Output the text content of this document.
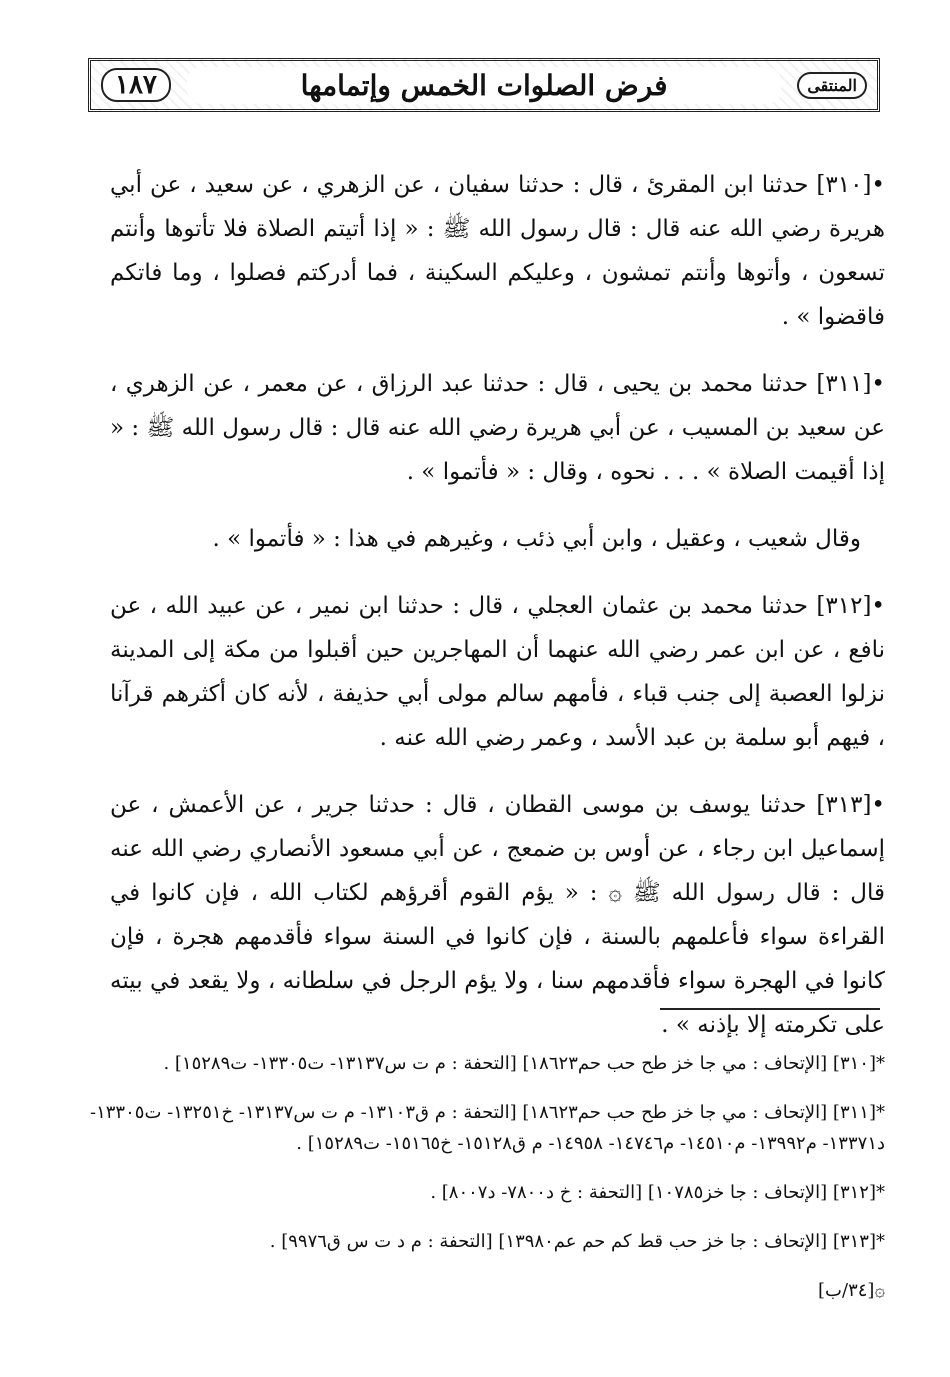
١٨٧	فرض الصلوات الخمس وإتمامها	المنتقى

•[٣١٠] حدثنا ابن المقرئ ، قال : حدثنا سفيان ، عن الزهري ، عن سعيد ، عن أبي هريرة رضي الله عنه قال : قال رسول الله ﷺ : « إذا أتيتم الصلاة فلا تأتوها وأنتم تسعون ، وأتوها وأنتم تمشون ، وعليكم السكينة ، فما أدركتم فصلوا ، وما فاتكم فاقضوا » .

•[٣١١] حدثنا محمد بن يحيى ، قال : حدثنا عبد الرزاق ، عن معمر ، عن الزهري ، عن سعيد بن المسيب ، عن أبي هريرة رضي الله عنه قال : قال رسول الله ﷺ : « إذا أقيمت الصلاة » . . . نحوه ، وقال : « فأتموا » .

وقال شعيب ، وعقيل ، وابن أبي ذئب ، وغيرهم في هذا : « فأتموا » .

•[٣١٢] حدثنا محمد بن عثمان العجلي ، قال : حدثنا ابن نمير ، عن عبيد الله ، عن نافع ، عن ابن عمر رضي الله عنهما أن المهاجرين حين أقبلوا من مكة إلى المدينة نزلوا العصبة إلى جنب قباء ، فأمهم سالم مولى أبي حذيفة ، لأنه كان أكثرهم قرآنا ، فيهم أبو سلمة بن عبد الأسد ، وعمر رضي الله عنه .

•[٣١٣] حدثنا يوسف بن موسى القطان ، قال : حدثنا جرير ، عن الأعمش ، عن إسماعيل ابن رجاء ، عن أوس بن ضمعج ، عن أبي مسعود الأنصاري رضي الله عنه قال : قال رسول الله ﷺ ۞ : « يؤم القوم أقرؤهم لكتاب الله ، فإن كانوا في القراءة سواء فأعلمهم بالسنة ، فإن كانوا في السنة سواء فأقدمهم هجرة ، فإن كانوا في الهجرة سواء فأقدمهم سنا ، ولا يؤم الرجل في سلطانه ، ولا يقعد في بيته على تكرمته إلا بإذنه » .

*[٣١٠] [الإتحاف : مي جا خز طح حب حم١٨٦٢٣] [التحفة : م ت س١٣١٣٧- ت١٣٣٠٥- ت١٥٢٨٩] .

*[٣١١] [الإتحاف : مي جا خز طح حب حم١٨٦٢٣] [التحفة : م ق١٣١٠٣- م ت س١٣١٣٧- خ١٣٢٥١- ت١٣٣٠٥- د١٣٣٧١- م١٣٩٩٢- م١٤٥١٠- م١٤٧٤٦- ١٤٩٥٨- م ق١٥١٢٨- خ١٥١٦٥- ت١٥٢٨٩] .

*[٣١٢] [الإتحاف : جا خز١٠٧٨٥] [التحفة : خ د٧٨٠٠- د٨٠٠٧] .

*[٣١٣] [الإتحاف : جا خز حب قط كم حم عم١٣٩٨٠] [التحفة : م د ت س ق٩٩٧٦] .

۞[٣٤/ب]
